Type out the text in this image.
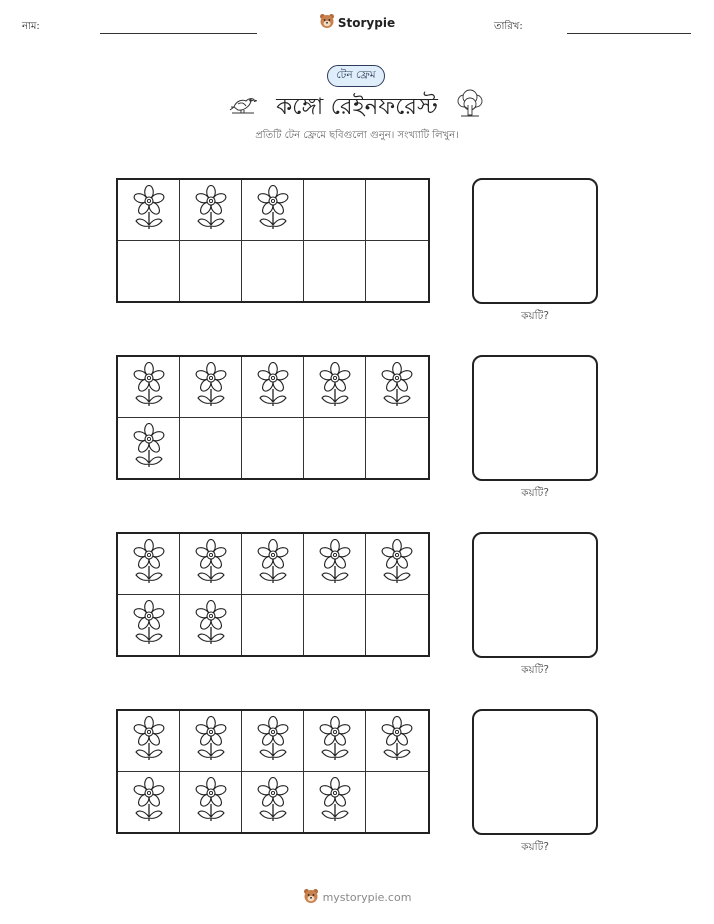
নাম:	Storypie	তারিখ:
টেন ফ্রেম
কঙ্গো রেইনফরেস্ট
প্রতিটি টেন ফ্রেমে ছবিগুলো গুনুন। সংখ্যাটি লিখুন।
কয়টি?
কয়টি?
কয়টি?
কয়টি?
mystorypie.com
